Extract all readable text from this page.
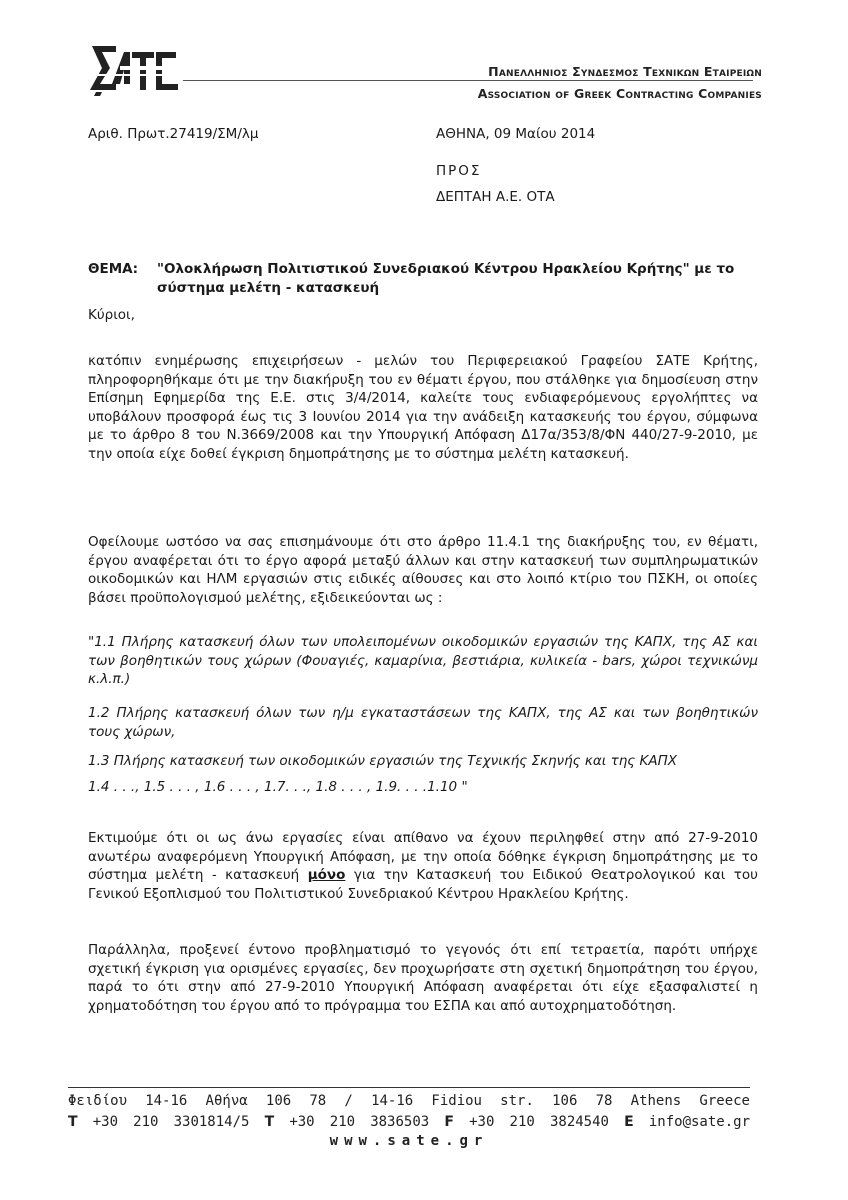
Πανελληνιος Συνδεσμος Τεχνικων Εταιρειων
Association of Greek Contracting Companies
Αριθ. Πρωτ.27419/ΣΜ/λμ	ΑΘΗΝΑ, 09 Μαίου 2014
ΠΡΟΣ
ΔΕΠΤΑΗ Α.Ε. ΟΤΑ
ΘΕΜΑ: "Ολοκλήρωση Πολιτιστικού Συνεδριακού Κέντρου Ηρακλείου Κρήτης" με το
σύστημα μελέτη - κατασκευή
Κύριοι,
κατόπιν ενημέρωσης επιχειρήσεων - μελών του Περιφερειακού Γραφείου ΣΑΤΕ Κρήτης, πληροφορηθήκαμε ότι με την διακήρυξη του εν θέματι έργου, που στάλθηκε για δημοσίευση στην Επίσημη Εφημερίδα της Ε.Ε. στις 3/4/2014, καλείτε τους ενδιαφερόμενους εργολήπτες να υποβάλουν προσφορά έως τις 3 Ιουνίου 2014 για την ανάδειξη κατασκευής του έργου, σύμφωνα με το άρθρο 8 του Ν.3669/2008 και την Υπουργική Απόφαση Δ17α/353/8/ΦΝ 440/27-9-2010, με την οποία είχε δοθεί έγκριση δημοπράτησης με το σύστημα μελέτη κατασκευή.
Οφείλουμε ωστόσο να σας επισημάνουμε ότι στο άρθρο 11.4.1 της διακήρυξης του, εν θέματι, έργου αναφέρεται ότι το έργο αφορά μεταξύ άλλων και στην κατασκευή των συμπληρωματικών οικοδομικών και ΗΛΜ εργασιών στις ειδικές αίθουσες και στο λοιπό κτίριο του ΠΣΚΗ, οι οποίες βάσει προϋπολογισμού μελέτης, εξιδεικεύονται ως :
"1.1 Πλήρης κατασκευή όλων των υπολειπομένων οικοδομικών εργασιών της ΚΑΠΧ, της ΑΣ και των βοηθητικών τους χώρων (Φουαγιές, καμαρίνια, βεστιάρια, κυλικεία - bars, χώροι τεχνικώνμ κ.λ.π.)
1.2 Πλήρης κατασκευή όλων των η/μ εγκαταστάσεων της ΚΑΠΧ, της ΑΣ και των βοηθητικών τους χώρων,
1.3 Πλήρης κατασκευή των οικοδομικών εργασιών της Τεχνικής Σκηνής και της ΚΑΠΧ
1.4 . . ., 1.5 . . . , 1.6 . . . , 1.7. . ., 1.8 . . . , 1.9. . . .1.10 "
Εκτιμούμε ότι οι ως άνω εργασίες είναι απίθανο να έχουν περιληφθεί στην από 27-9-2010 ανωτέρω αναφερόμενη Υπουργική Απόφαση, με την οποία δόθηκε έγκριση δημοπράτησης με το σύστημα μελέτη - κατασκευή μόνο για την Κατασκευή του Ειδικού Θεατρολογικού και του Γενικού Εξοπλισμού του Πολιτιστικού Συνεδριακού Κέντρου Ηρακλείου Κρήτης.
Παράλληλα, προξενεί έντονο προβληματισμό το γεγονός ότι επί τετραετία, παρότι υπήρχε σχετική έγκριση για ορισμένες εργασίες, δεν προχωρήσατε στη σχετική δημοπράτηση του έργου, παρά το ότι στην από 27-9-2010 Υπουργική Απόφαση αναφέρεται ότι είχε εξασφαλιστεί η χρηματοδότηση του έργου από το πρόγραμμα του ΕΣΠΑ και από αυτοχρηματοδότηση.
Φειδίου 14-16 Αθήνα 106 78 / 14-16 Fidiou str. 106 78 Athens Greece
T +30 210 3301814/5 T +30 210 3836503 F +30 210 3824540 E info@sate.gr
www.sate.gr
